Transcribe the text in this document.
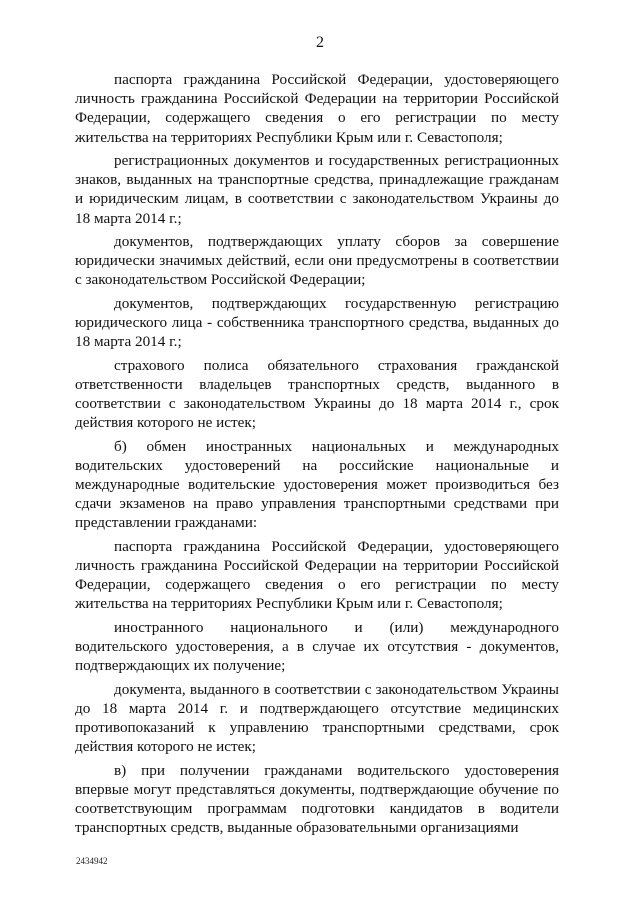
2

паспорта гражданина Российской Федерации, удостоверяющего личность гражданина Российской Федерации на территории Российской Федерации, содержащего сведения о его регистрации по месту жительства на территориях Республики Крым или г. Севастополя;

регистрационных документов и государственных регистрационных знаков, выданных на транспортные средства, принадлежащие гражданам и юридическим лицам, в соответствии с законодательством Украины до 18 марта 2014 г.;

документов, подтверждающих уплату сборов за совершение юридически значимых действий, если они предусмотрены в соответствии с законодательством Российской Федерации;

документов, подтверждающих государственную регистрацию юридического лица - собственника транспортного средства, выданных до 18 марта 2014 г.;

страхового полиса обязательного страхования гражданской ответственности владельцев транспортных средств, выданного в соответствии с законодательством Украины до 18 марта 2014 г., срок действия которого не истек;

б) обмен иностранных национальных и международных водительских удостоверений на российские национальные и международные водительские удостоверения может производиться без сдачи экзаменов на право управления транспортными средствами при представлении гражданами:

паспорта гражданина Российской Федерации, удостоверяющего личность гражданина Российской Федерации на территории Российской Федерации, содержащего сведения о его регистрации по месту жительства на территориях Республики Крым или г. Севастополя;

иностранного национального и (или) международного водительского удостоверения, а в случае их отсутствия - документов, подтверждающих их получение;

документа, выданного в соответствии с законодательством Украины до 18 марта 2014 г. и подтверждающего отсутствие медицинских противопоказаний к управлению транспортными средствами, срок действия которого не истек;

в) при получении гражданами водительского удостоверения впервые могут представляться документы, подтверждающие обучение по соответствующим программам подготовки кандидатов в водители транспортных средств, выданные образовательными организациями

2434942
